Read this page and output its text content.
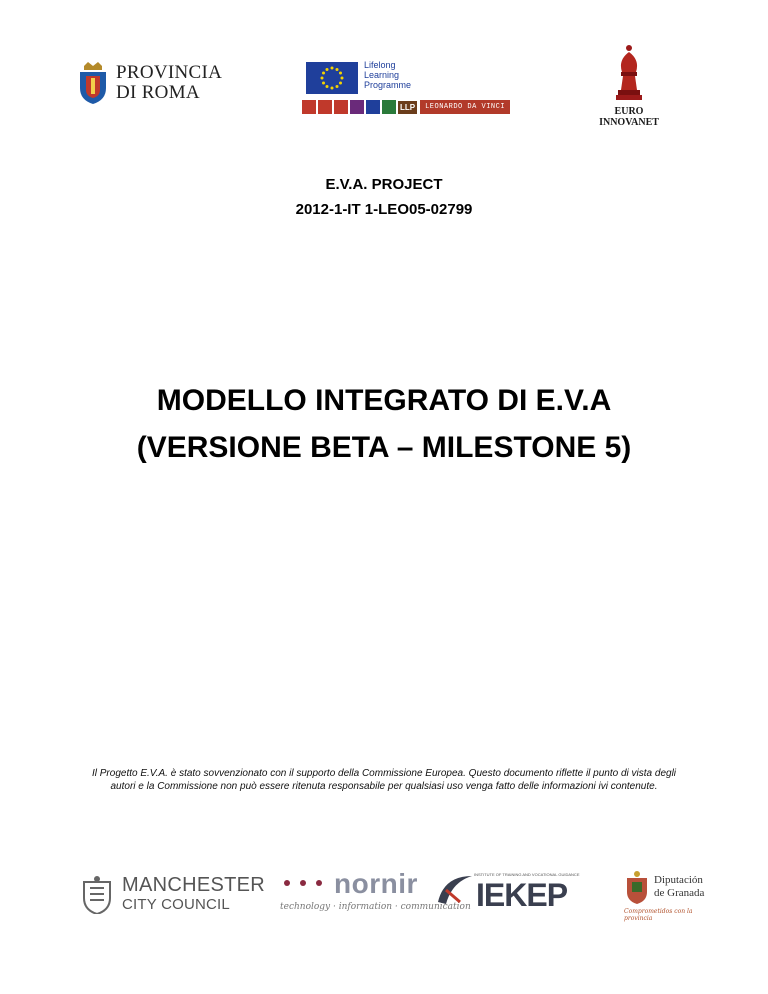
PROVINCIA
DI ROMA
Lifelong
Learning
Programme
LLP	LEONARDO DA VINCI	EURO INNOVANET
E.V.A. PROJECT
2012-1-IT 1-LEO05-02799
MODELLO INTEGRATO DI E.V.A
(VERSIONE BETA – MILESTONE 5)
Il Progetto E.V.A. è stato sovvenzionato con il supporto della Commissione Europea. Questo documento riflette il punto di vista degli
autori e la Commissione non può essere ritenuta responsabile per qualsiasi uso venga fatto delle informazioni ivi contenute.
MANCHESTER
CITY COUNCIL
nornir
technology · information · communication
INSTITUTE OF TRAINING AND VOCATIONAL GUIDANCE
IEKEP	Diputación
de Granada
Comprometidos con la provincia
